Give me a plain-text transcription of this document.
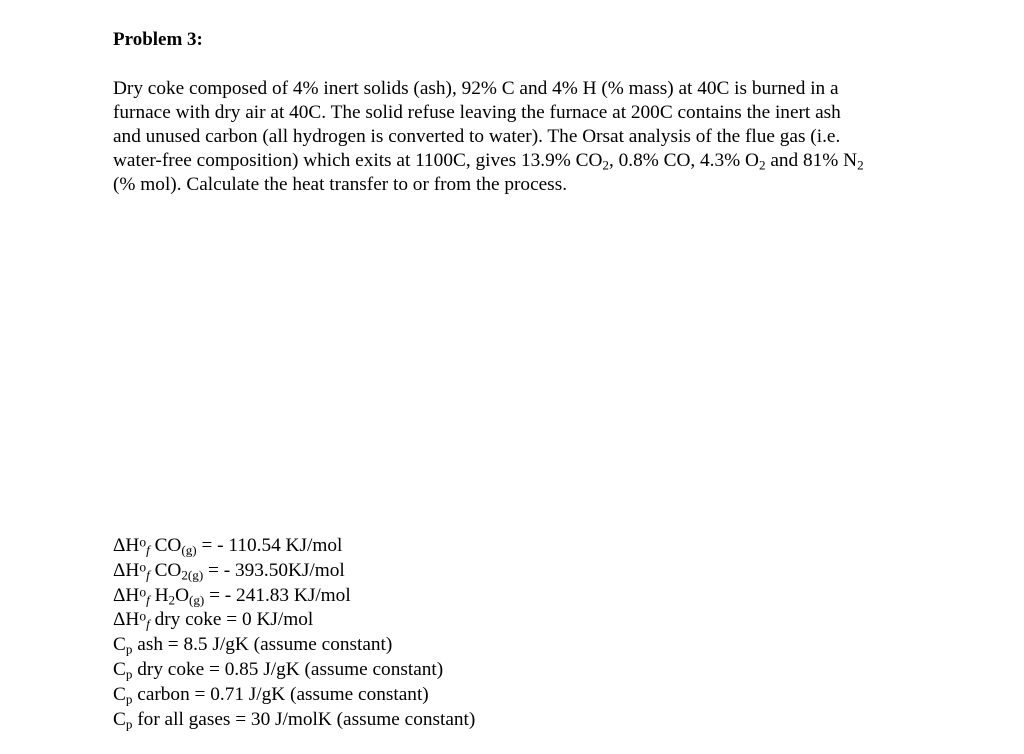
Problem 3:

Dry coke composed of 4% inert solids (ash), 92% C and 4% H (% mass) at 40C is burned in a
furnace with dry air at 40C. The solid refuse leaving the furnace at 200C contains the inert ash
and unused carbon (all hydrogen is converted to water). The Orsat analysis of the flue gas (i.e.
water-free composition) which exits at 1100C, gives 13.9% $CO_2$, 0.8% CO, 4.3% $O_2$ and 81% $N_2$
(% mol). Calculate the heat transfer to or from the process.

$\Delta H^o_f$ $CO_{(g)}$ = - 110.54 KJ/mol
$\Delta H^o_f$ $CO_{2(g)}$ = - 393.50KJ/mol
$\Delta H^o_f$ $H_2O_{(g)}$ = - 241.83 KJ/mol
$\Delta H^o_f$ dry coke = 0 KJ/mol
$C_p$ ash = 8.5 J/gK (assume constant)
$C_p$ dry coke = 0.85 J/gK (assume constant)
$C_p$ carbon = 0.71 J/gK (assume constant)
$C_p$ for all gases = 30 J/molK (assume constant)
